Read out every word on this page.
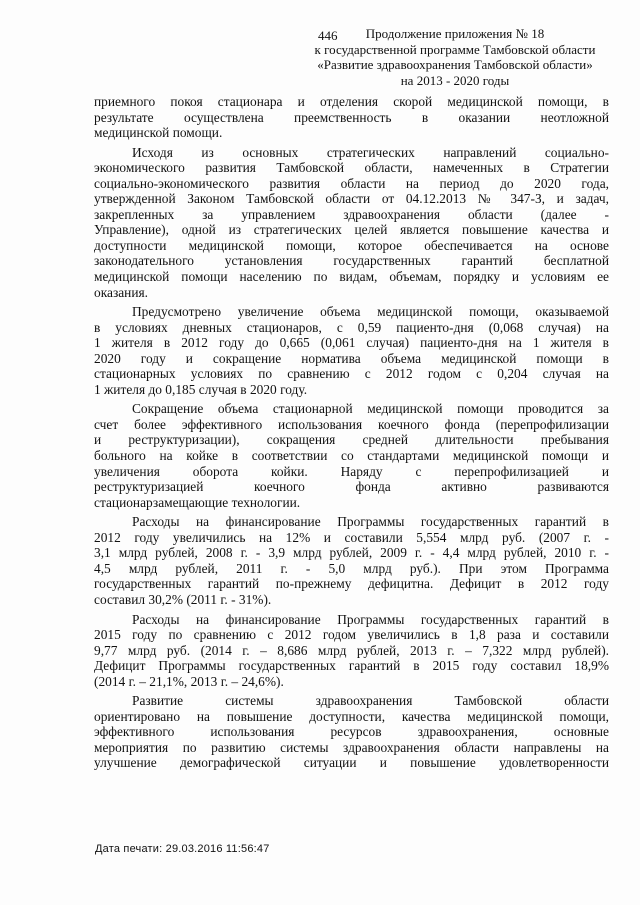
446	Продолжение приложения № 18
к государственной программе Тамбовской области
«Развитие здравоохранения Тамбовской области»
на 2013 - 2020 годы

приемного покоя стационара и отделения скорой медицинской помощи, в
результате осуществлена преемственность в оказании неотложной
медицинской помощи.

Исходя из основных стратегических направлений социально-
экономического развития Тамбовской области, намеченных в Стратегии
социально-экономического развития области на период до 2020 года,
утвержденной Законом Тамбовской области от 04.12.2013 № 347-З, и задач,
закрепленных за управлением здравоохранения области (далее -
Управление), одной из стратегических целей является повышение качества и
доступности медицинской помощи, которое обеспечивается на основе
законодательного установления государственных гарантий бесплатной
медицинской помощи населению по видам, объемам, порядку и условиям ее
оказания.

Предусмотрено увеличение объема медицинской помощи, оказываемой
в условиях дневных стационаров, с 0,59 пациенто-дня (0,068 случая) на
1 жителя в 2012 году до 0,665 (0,061 случая) пациенто-дня на 1 жителя в
2020 году и сокращение норматива объема медицинской помощи в
стационарных условиях по сравнению с 2012 годом с 0,204 случая на
1 жителя до 0,185 случая в 2020 году.

Сокращение объема стационарной медицинской помощи проводится за
счет более эффективного использования коечного фонда (перепрофилизации
и реструктуризации), сокращения средней длительности пребывания
больного на койке в соответствии со стандартами медицинской помощи и
увеличения оборота койки. Наряду с перепрофилизацией и
реструктуризацией коечного фонда активно развиваются
стационарзамещающие технологии.

Расходы на финансирование Программы государственных гарантий в
2012 году увеличились на 12% и составили 5,554 млрд руб. (2007 г. -
3,1 млрд рублей, 2008 г. - 3,9 млрд рублей, 2009 г. - 4,4 млрд рублей, 2010 г. -
4,5 млрд рублей, 2011 г. - 5,0 млрд руб.). При этом Программа
государственных гарантий по-прежнему дефицитна. Дефицит в 2012 году
составил 30,2% (2011 г. - 31%).

Расходы на финансирование Программы государственных гарантий в
2015 году по сравнению с 2012 годом увеличились в 1,8 раза и составили
9,77 млрд руб. (2014 г. – 8,686 млрд рублей, 2013 г. – 7,322 млрд рублей).
Дефицит Программы государственных гарантий в 2015 году составил 18,9%
(2014 г. – 21,1%, 2013 г. – 24,6%).

Развитие системы здравоохранения Тамбовской области
ориентировано на повышение доступности, качества медицинской помощи,
эффективного использования ресурсов здравоохранения, основные
мероприятия по развитию системы здравоохранения области направлены на
улучшение демографической ситуации и повышение удовлетворенности

Дата печати: 29.03.2016 11:56:47
